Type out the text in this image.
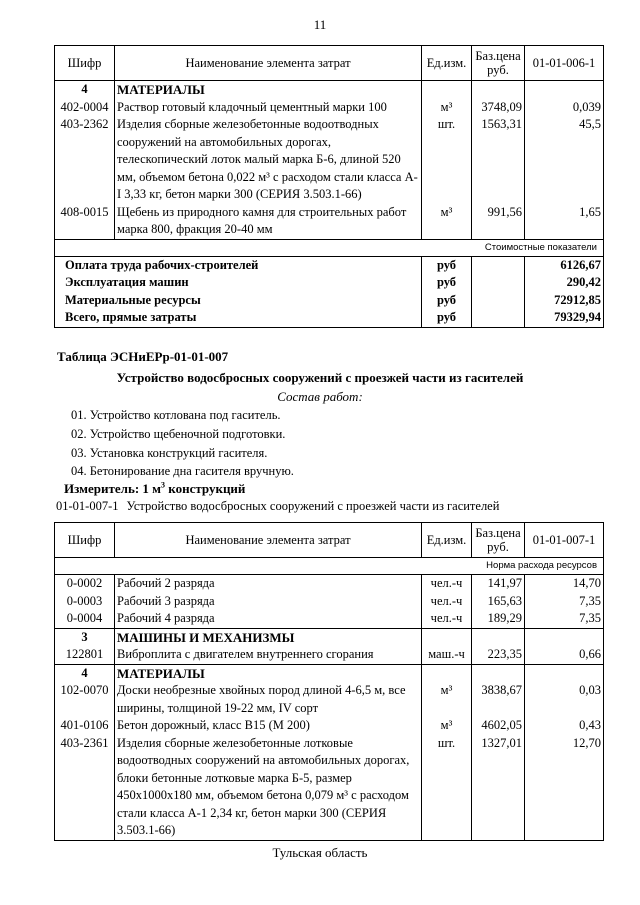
11
Шифр	Наименование элемента затрат	Ед.изм.	Баз.цена руб.	01-01-006-1
4	МАТЕРИАЛЫ			
402-0004	Раствор готовый кладочный цементный марки 100	м³	3748,09	0,039
403-2362	Изделия сборные железобетонные водоотводных сооружений на автомобильных дорогах, телескопический лоток малый марка Б-6, длиной 520 мм, объемом бетона 0,022 м³ с расходом стали класса А-I 3,33 кг, бетон марки 300 (СЕРИЯ 3.503.1-66)	шт.	1563,31	45,5
408-0015	Щебень из природного камня для строительных работ марка 800, фракция 20-40 мм	м³	991,56	1,65
Стоимостные показатели				
Оплата труда рабочих-строителей		руб		6126,67
Эксплуатация машин		руб		290,42
Материальные ресурсы		руб		72912,85
Всего, прямые затраты		руб		79329,94
Таблица ЭСНиЕРр-01-01-007
Устройство водосбросных сооружений с проезжей части из гасителей
Состав работ:
01. Устройство котлована под гаситель.
02. Устройство щебеночной подготовки.
03. Установка конструкций гасителя.
04. Бетонирование дна гасителя вручную.
Измеритель: 1 $м^3$ конструкций
01-01-007-1 Устройство водосбросных сооружений с проезжей части из гасителей
Шифр	Наименование элемента затрат	Ед.изм.	Баз.цена руб.	01-01-007-1
Норма расхода ресурсов				
0-0002	Рабочий 2 разряда	чел.-ч	141,97	14,70
0-0003	Рабочий 3 разряда	чел.-ч	165,63	7,35
0-0004	Рабочий 4 разряда	чел.-ч	189,29	7,35
3	МАШИНЫ И МЕХАНИЗМЫ			
122801	Виброплита с двигателем внутреннего сгорания	маш.-ч	223,35	0,66
4	МАТЕРИАЛЫ			
102-0070	Доски необрезные хвойных пород длиной 4-6,5 м, все ширины, толщиной 19-22 мм, IV сорт	м³	3838,67	0,03
401-0106	Бетон дорожный, класс B15 (М 200)	м³	4602,05	0,43
403-2361	Изделия сборные железобетонные лотковые водоотводных сооружений на автомобильных дорогах, блоки бетонные лотковые марка Б-5, размер 450х1000х180 мм, объемом бетона 0,079 м³ с расходом стали класса А-1 2,34 кг, бетон марки 300 (СЕРИЯ 3.503.1-66)	шт.	1327,01	12,70
Тульская область
